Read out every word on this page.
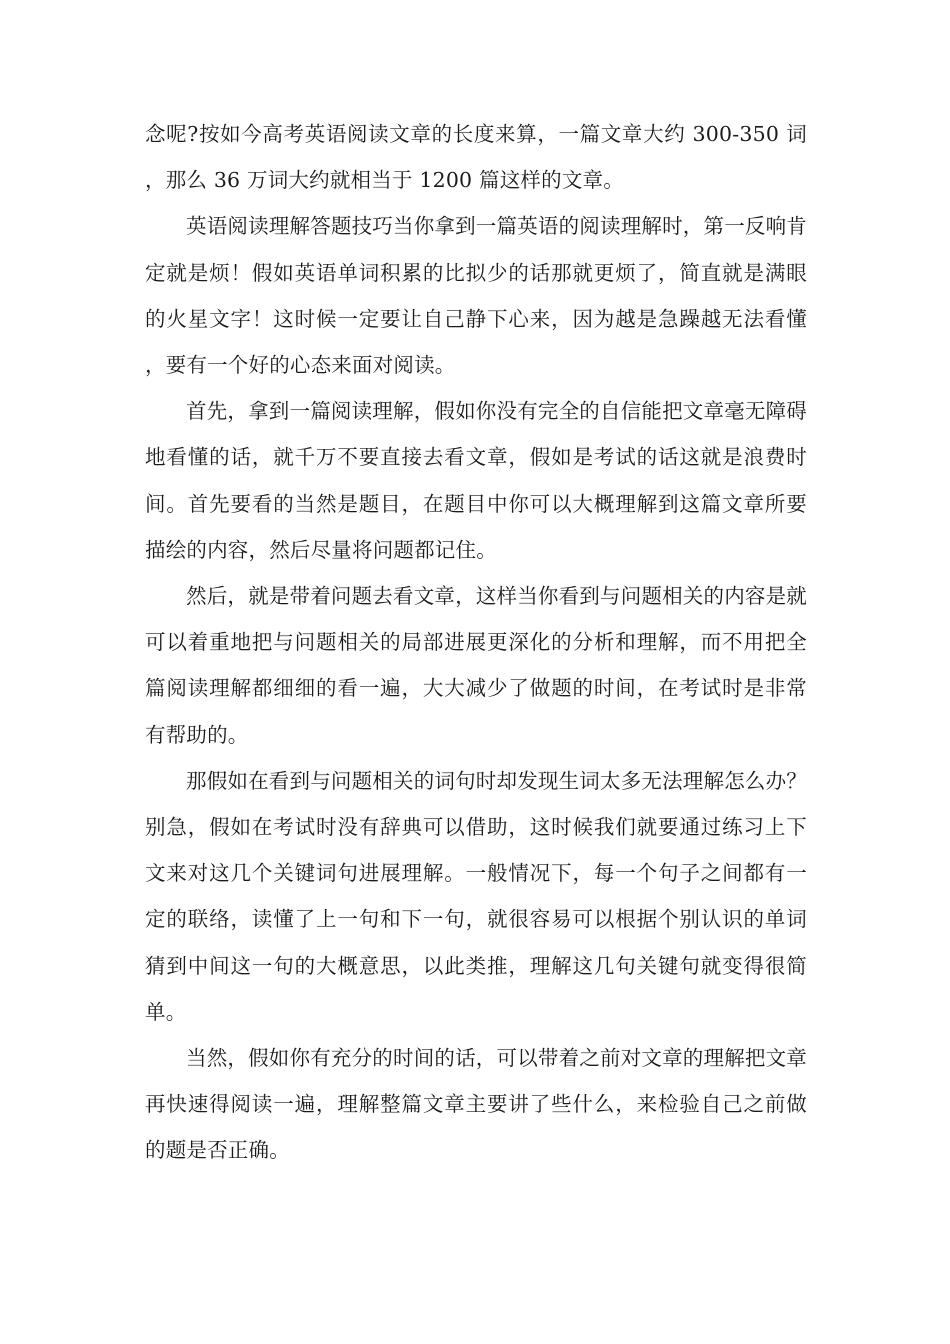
念呢?按如今高考英语阅读文章的长度来算，一篇文章大约 300-350 词，那么 36 万词大约就相当于 1200 篇这样的文章。

英语阅读理解答题技巧当你拿到一篇英语的阅读理解时，第一反响肯定就是烦！假如英语单词积累的比拟少的话那就更烦了，简直就是满眼的火星文字！这时候一定要让自己静下心来，因为越是急躁越无法看懂，要有一个好的心态来面对阅读。

首先，拿到一篇阅读理解，假如你没有完全的自信能把文章毫无障碍地看懂的话，就千万不要直接去看文章，假如是考试的话这就是浪费时间。首先要看的当然是题目，在题目中你可以大概理解到这篇文章所要描绘的内容，然后尽量将问题都记住。

然后，就是带着问题去看文章，这样当你看到与问题相关的内容是就可以着重地把与问题相关的局部进展更深化的分析和理解，而不用把全篇阅读理解都细细的看一遍，大大减少了做题的时间，在考试时是非常有帮助的。

那假如在看到与问题相关的词句时却发现生词太多无法理解怎么办？别急，假如在考试时没有辞典可以借助，这时候我们就要通过练习上下文来对这几个关键词句进展理解。一般情况下，每一个句子之间都有一定的联络，读懂了上一句和下一句，就很容易可以根据个别认识的单词猜到中间这一句的大概意思，以此类推，理解这几句关键句就变得很简单。

当然，假如你有充分的时间的话，可以带着之前对文章的理解把文章再快速得阅读一遍，理解整篇文章主要讲了些什么，来检验自己之前做的题是否正确。
